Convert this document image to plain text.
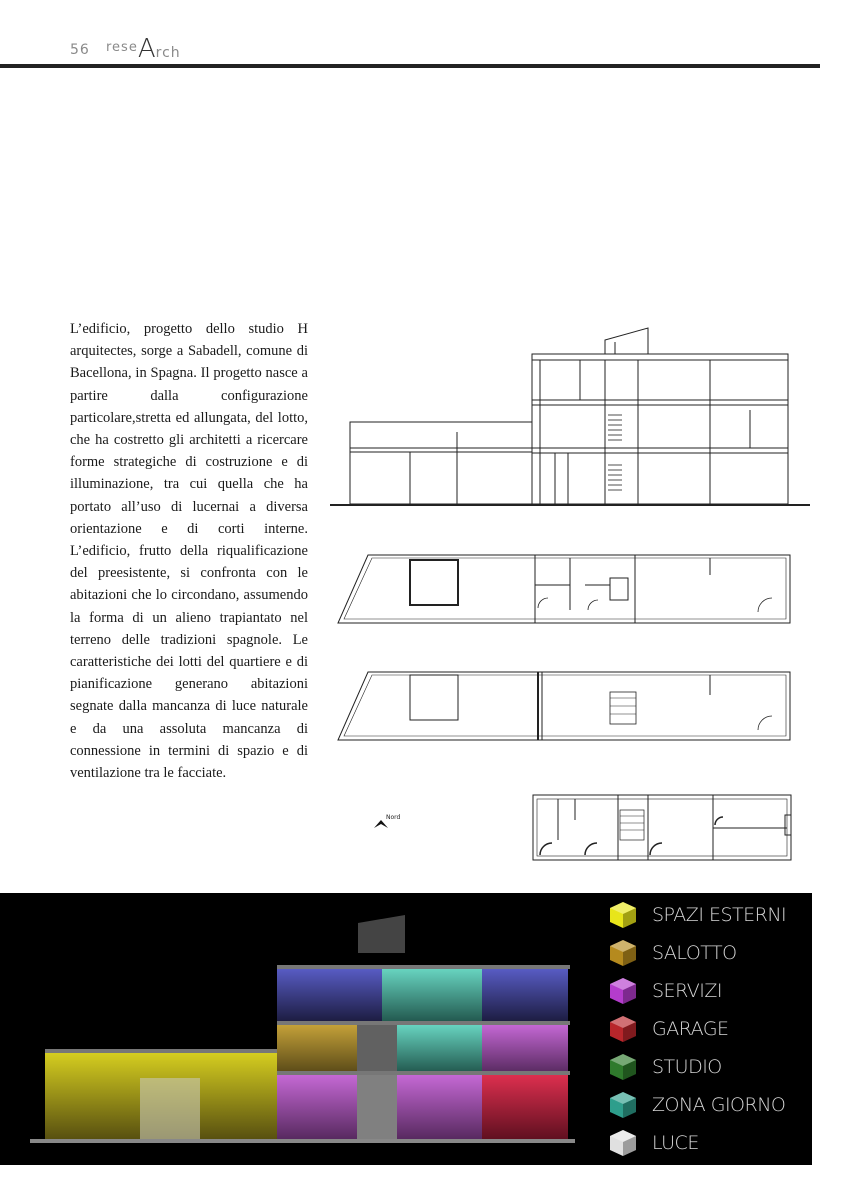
56 $^{rese}$Arch

L’edificio, progetto dello studio H arquitectes, sorge a Sabadell, comune di Bacellona, in Spagna. Il progetto nasce a partire dalla configurazione particolare,stretta ed allungata, del lotto, che ha costretto gli architetti a ricercare forme strategiche di costruzione e di illuminazione, tra cui quella che ha portato all’uso di lucernai a diversa orientazione e di corti interne. L’edificio, frutto della riqualificazione del preesistente, si confronta con le abitazioni che lo circondano, assumendo la forma di un alieno trapiantato nel terreno delle tradizioni spagnole. Le caratteristiche dei lotti del quartiere e di pianificazione generano abitazioni segnate dalla mancanza di luce naturale e da una assoluta mancanza di connessione in termini di spazio e di ventilazione tra le facciate.

Nord
SPAZI ESTERNI
SALOTTO
SERVIZI
GARAGE
STUDIO
ZONA GIORNO
LUCE
